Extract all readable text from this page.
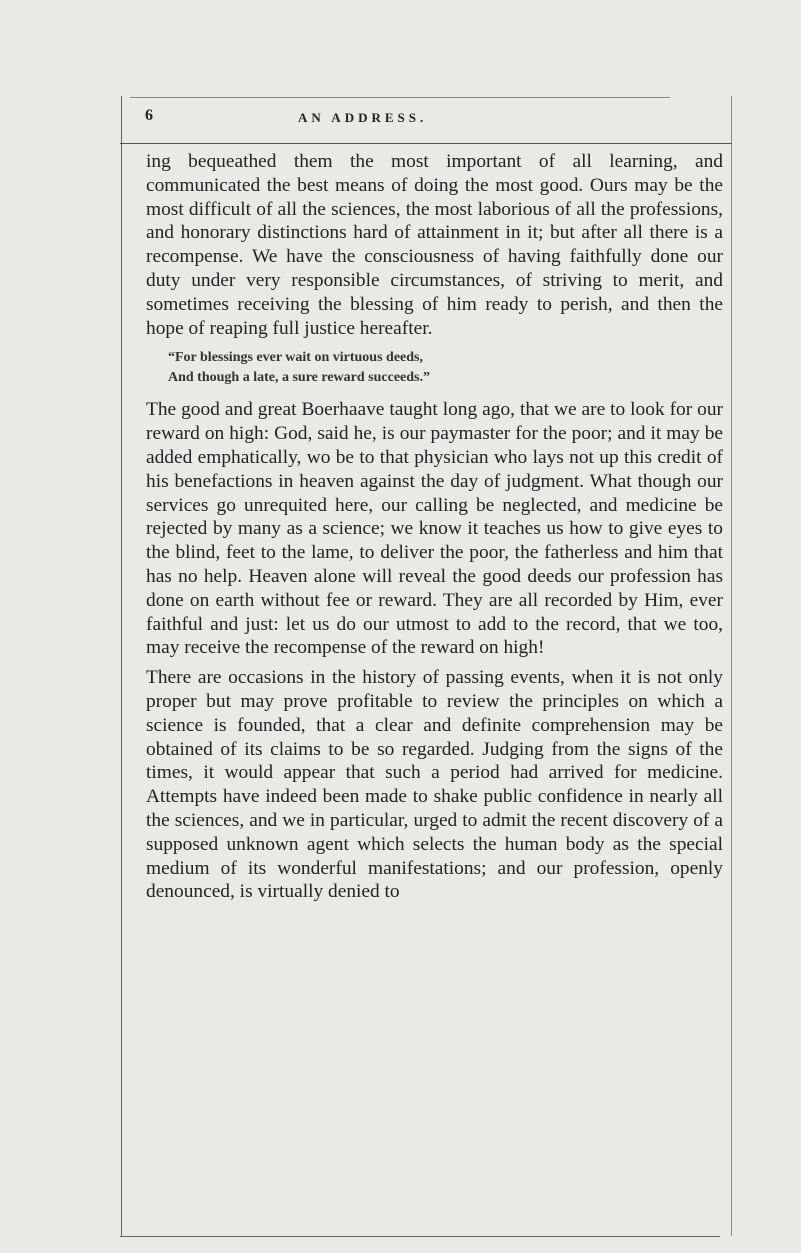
6	AN ADDRESS.

ing bequeathed them the most important of all learning, and communicated the best means of doing the most good. Ours may be the most difficult of all the sciences, the most laborious of all the professions, and honorary distinctions hard of attainment in it; but after all there is a recompense. We have the consciousness of having faithfully done our duty under very responsible circumstances, of striving to merit, and sometimes receiving the blessing of him ready to perish, and then the hope of reaping full justice hereafter.

“For blessings ever wait on virtuous deeds,
And though a late, a sure reward succeeds.”

The good and great Boerhaave taught long ago, that we are to look for our reward on high: God, said he, is our paymaster for the poor; and it may be added emphatically, wo be to that physician who lays not up this credit of his benefactions in heaven against the day of judgment. What though our services go unrequited here, our calling be neglected, and medicine be rejected by many as a science; we know it teaches us how to give eyes to the blind, feet to the lame, to deliver the poor, the fatherless and him that has no help. Heaven alone will reveal the good deeds our profession has done on earth without fee or reward. They are all recorded by Him, ever faithful and just: let us do our utmost to add to the record, that we too, may receive the recompense of the reward on high!

There are occasions in the history of passing events, when it is not only proper but may prove profitable to review the principles on which a science is founded, that a clear and definite comprehension may be obtained of its claims to be so regarded. Judging from the signs of the times, it would appear that such a period had arrived for medicine. Attempts have indeed been made to shake public confidence in nearly all the sciences, and we in particular, urged to admit the recent discovery of a supposed unknown agent which selects the human body as the special medium of its wonderful manifestations; and our profession, openly denounced, is virtually denied to
